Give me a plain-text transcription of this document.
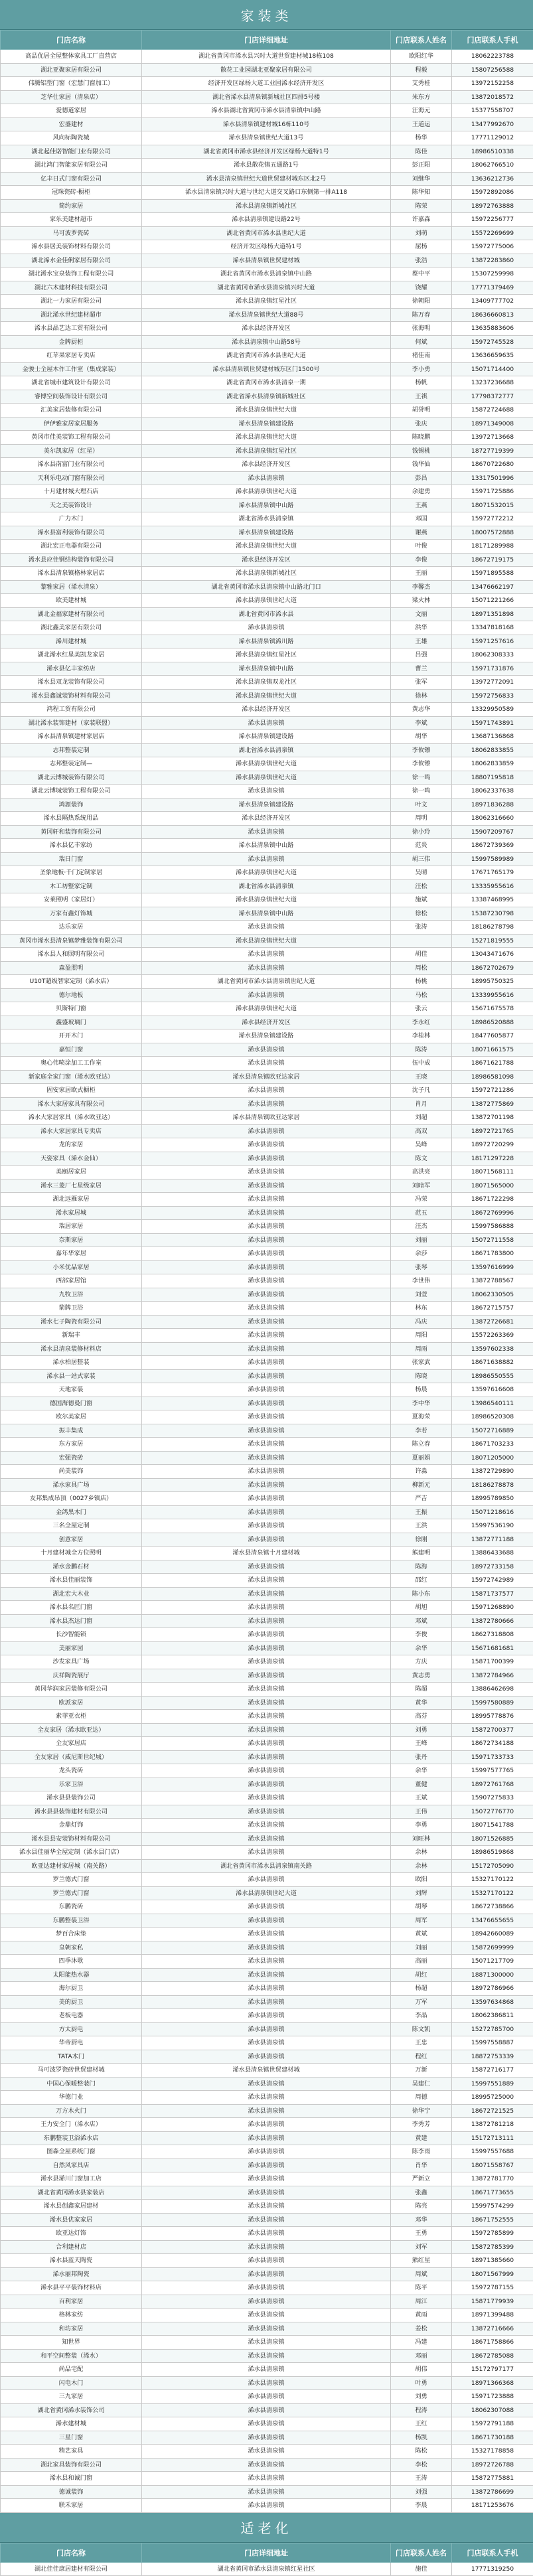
家装类
门店名称	门店详细地址	门店联系人姓名	门店联系人手机
高品优居全屋整体家具工厂直营店	湖北省黄冈市浠水县兴时大道世贸建材城18栋108	欧阳红华	18062223788
湖北亚聚家居有限公司	散花工业园湖北亚聚家居有限公司	程毅	15807256588
伟腾铝塑门窗（宏慧门窗加工）	经济开发区绿杨大道工业园浠水经济开发区	艾秀桂	13972152258
芝华仕家居（清泉店）	湖北省浠水县清泉镇新城社区四排5号楼	朱东方	13872018572
爱德道家居	浠水县湖北省黄冈市浠水县清泉镇中山路	汪海元	15377558707
宏盛建材	浠水县清泉镇建材城16栋110号	王道运	13477992670
风向标陶瓷城	浠水县清泉镇世纪大道13号	杨华	17771129012
湖北起佳诺智能门业有限公司	湖北省黄冈市浠水县经济开发区绿杨大道特1号	陈佳	18986510338
湖北鸿门智能家居有限公司	浠水县散花镇五通路1号	彭正阳	18062766510
亿丰日式门窗有限公司	浠水县清泉镇世纪大道世贸建材城东区北2号	刘继华	13636212736
冠珠瓷砖·橱柜	浠水县清泉镇兴时大道与世纪大道交叉路口东侧第一排A118	陈华知	15972892086
简约家居	浠水县清泉镇新城社区	陈荣	18972763888
家乐美建材超市	浠水县清泉镇建设路22号	许嘉森	15972256777
马可波罗瓷砖	湖北省黄冈市浠水县世纪大道	刘萌	15572269699
浠水县居美装饰材料有限公司	经济开发区绿杨大道特1号	屈杨	15972775006
湖北浠水金佳俐家居有限公司	浠水县清泉镇世贸建材城	张浩	13872283860
湖北浠水宝泉装饰工程有限公司	湖北省黄冈市浠水县清泉镇中山路	蔡中平	15307259998
湖北六木建材科技有限公司	湖北省黄冈市浠水县清泉镇兴时大道	饶耀	17771379469
湖北一力家居有限公司	浠水县清泉镇红星社区	徐朝阳	13409777702
湖北浠水世纪建材超市	浠水县清泉镇世纪大道88号	陈万春	18636660813
浠水县晶艺达工贸有限公司	浠水县经济开发区	张海明	13635883606
金牌厨柜	浠水县清泉镇中山路58号	何斌	15972745528
红苹果家居专卖店	湖北省黄冈市浠水县世纪大道	褚佳南	13636659635
金骏士全屋木作工作室（集成家装）	浠水县清泉镇世贸建材城东区门1500号	李小勇	15071714400
湖北省城市建筑设计有限公司	湖北省黄冈市浠水县清泉一期	杨帆	13237236688
睿博空间装饰设计有限公司	湖北省浠水县清泉镇新城社区	王祺	17798372777
汇美家居装修有限公司	浠水县清泉镇世纪大道	胡誉明	15872724688
伊伊雅家居家居服务	浠水县清泉镇建设路	张庆	18971349008
黄冈市佳美装饰工程有限公司	浠水县清泉镇世纪大道	陈晓鹏	13972713668
美尔凯家居（红星）	浠水县清泉镇红星社区	钱锡桃	18727719399
浠水县南富门业有限公司	浠水县经济开发区	钱华仙	18670722680
天利乐电动门窗有限公司	浠水县清泉镇	彭昌	13317501996
十月建材城大理石店	浠水县清泉镇世纪大道	余建勇	15971725886
天之美装饰设计	浠水县清泉镇中山路	王燕	18071532015
广力木门	湖北省浠水县清泉镇	邓国	15972772212
浠水县富利装饰有限公司	浠水县清泉镇建设路	谢燕	18007572888
湖北宏正电器有限公司	浠水县清泉镇世纪大道	叶俊	18171289988
浠水县应佳钢结构装饰有限公司	浠水县经济开发区	李俊	18672719175
浠水县清泉镇格林家居店	浠水县清泉镇新城社区	王丽	15971895588
黎雅家居（浠水清泉）	湖北省黄冈市浠水县清泉镇中山路北门口	李馨杰	13476662197
欧美建材城	浠水县清泉镇世纪大道	梁火林	15071221266
湖北金福家建材有限公司	湖北省黄冈市浠水县	文丽	18971351898
湖北鑫美家居有限公司	浠水县清泉镇	洪华	13347818168
浠川建材城	浠水县清泉镇浠川路	王雄	15971257616
湖北浠水红星美凯龙家居	浠水县清泉镇红星社区	吕强	18062308333
浠水县亿丰家纺店	浠水县清泉镇中山路	曹兰	15971731876
浠水县双龙装饰有限公司	浠水县清泉镇双龙社区	张军	13972772091
浠水县鑫诚装饰材料有限公司	浠水县清泉镇世纪大道	徐林	15972756833
鸿程工贸有限公司	浠水县经济开发区	黄志华	13329950589
湖北浠水装饰建材（家装联盟）	浠水县清泉镇	李斌	15971743891
浠水县清泉镇建材家居店	浠水县清泉镇建设路	胡华	13687136868
志邦整装定制	湖北省浠水县清泉镇	李攸镲	18062833855
志邦整装定制—	浠水县清泉镇世纪大道	李攸镲	18062833859
湖北云博城装饰有限公司	浠水县清泉镇世纪大道	徐一鸣	18807195818
湖北云博城装饰工程有限公司	浠水县清泉镇	徐一鸣	18062337638
鸿源装饰	浠水县清泉镇建设路	叶文	18971836288
浠水县隔热系统用品	浠水县经济开发区	周明	18062316660
黄冈轩和装饰有限公司	浠水县清泉镇	徐小玲	15907209767
浠水县亿丰家纺	浠水县清泉镇中山路	范炎	18672739369
瑞日门窗	浠水县清泉镇	胡三伟	15997589989
圣象地板·千门定制家居	浠水县清泉镇世纪大道	吴晴	17671765179
木工坊整家定制	湖北省浠水县清泉镇	汪松	13335955616
安莱照明（家居灯）	浠水县清泉镇世纪大道	施斌	13387468995
万家有鑫灯饰城	浠水县清泉镇中山路	徐松	15387230798
达乐家居	浠水县清泉镇	张涛	18186278798
黄冈市浠水县清泉镇梦雅装饰有限公司	浠水县清泉镇世纪大道		15271819555
浠水县人和照明有限公司	浠水县清泉镇	胡佳	13043471676
森盈照明	浠水县清泉镇	周松	18672702679
U10T超级智家定制（浠水店）	湖北省黄冈市浠水县清泉镇世纪大道	杨桃	18995750325
德尔地板	浠水县清泉镇	马松	13339955616
贝斯特门窗	浠水县清泉镇世纪大道	张云	15671675578
鑫盛玻璃门	浠水县经济开发区	李永红	18986520888
开开木门	浠水县清泉镇建设路	李桂林	18477605877
嘉恒门窗	浠水县清泉镇	陈涛	18071661575
奥心伟喷涂加工工作室	浠水县清泉镇	伍中成	18671621788
新家庭全家门窗（浠水欧亚达）	浠水县清泉镇欧亚达家居	王晓	18986581098
固安家居欧式橱柜	浠水县清泉镇	沈子凡	15972721286
浠水大家居家具有限公司	浠水县清泉镇	肖月	13872775869
浠水大家居家具（浠水欧亚达）	浠水县清泉镇欧亚达家居	刘超	13872701198
浠水大家居家具专卖店	浠水县清泉镇	高双	18972721765
龙的家居	浠水县清泉镇	吴峰	18972720299
天姿家具（浠水金仙）	浠水县清泉镇	陈文	18171297228
美颐居家居	浠水县清泉镇	高洪亮	18071568111
浠水三菱厂七星级家居	浠水县清泉镇	刘暗军	18071565000
湖北远雁家居	浠水县清泉镇	冯荣	18671722298
浠水家居城	浠水县清泉镇	范五	18672769996
瑞居家居	浠水县清泉镇	汪杰	15997586888
奈斯家居	浠水县清泉镇	刘丽	15072711558
嘉年华家居	浠水县清泉镇	余莎	18671783800
小米优品家居	浠水县清泉镇	张琴	13597616999
西部家居馆	浠水县清泉镇	李世伟	13872788567
九牧卫浴	浠水县清泉镇	刘萱	18062330505
箭牌卫浴	浠水县清泉镇	林东	18672715757
浠水七子陶瓷有限公司	浠水县清泉镇	冯庆	13872726681
新瑞丰	浠水县清泉镇	周阳	15572263369
浠水县清泉装修材料店	浠水县清泉镇	周雨	13597602338
浠水柏居整装	浠水县清泉镇	张家武	18671638882
浠水县一站式家装	浠水县清泉镇	陈晓	18986550555
天地家装	浠水县清泉镇	杨晨	13597616608
德国海德曼门窗	浠水县清泉镇	李中华	13986540111
欧尔美家居	浠水县清泉镇	夏海荣	18986520308
振丰集成	浠水县清泉镇	李若	15072716889
东方家居	浠水县清泉镇	陈立春	18671703233
宏强瓷砖	浠水县清泉镇	夏丽娟	18071205000
尚美装饰	浠水县清泉镇	许淼	13872729890
浠水家具广场	浠水县清泉镇	柳新元	18186278878
友邦集成吊顶（0027乡镇店）	浠水县清泉镇	严吉	18995789850
金鸽黑木门	浠水县清泉镇	王振	15071218616
三名全屋定制	浠水县清泉镇	王洪	15997536190
创意家居	浠水县清泉镇	徐刚	13872771188
十月建材城全方位照明	浠水县清泉镇十月建材城	熊建明	13886433688
浠水金鹏石材	浠水县清泉镇	陈海	18972733158
浠水县佳丽装饰	浠水县清泉镇	邵红	15972742989
湖北宏大木业	浠水县清泉镇	陈小东	15871737577
浠水县名匠门窗	浠水县清泉镇	胡旭	15971268890
浠水县杰达门窗	浠水县清泉镇	邓斌	13872780666
长沙智能锁	浠水县清泉镇	李俊	18627318808
美丽家园	浠水县清泉镇	余华	15671681681
沙发家具广场	浠水县清泉镇	方庆	15871700399
庆祥陶瓷展厅	浠水县清泉镇	黄志勇	13872784966
黄冈华润家居装修有限公司	浠水县清泉镇	陈超	13886462698
欧派家居	浠水县清泉镇	黄华	15997580889
索菲亚衣柜	浠水县清泉镇	高芬	18995778876
全友家居（浠水欧亚达）	浠水县清泉镇	刘勇	15872700377
全友家居店	浠水县清泉镇	王峰	18672734188
全友家居（威尼斯世纪城）	浠水县清泉镇	张丹	15971733733
龙头瓷砖	浠水县清泉镇	余华	15997577765
乐家卫浴	浠水县清泉镇	董健	18972761768
浠水县县装饰公司	浠水县清泉镇	王斌	15907275833
浠水县县装饰建材有限公司	浠水县清泉镇	王伟	15072776770
金鼎灯饰	浠水县清泉镇	李勇	18071541788
浠水县县安装饰材料有限公司	浠水县清泉镇	刘旺林	18071526885
浠水县佳丽华全屋定制（浠水县门店）	浠水县清泉镇	余林	18986519868
欧亚达建材家居城（南关路）	湖北省黄冈市浠水县清泉镇南关路	余林	15172705090
罗兰德式门窗	浠水县清泉镇	欧阳	15327170122
罗兰德式门窗	浠水县清泉镇世纪大道	刘辉	15327170122
东鹏瓷砖	浠水县清泉镇	胡琴	18672738866
东鹏整装卫浴	浠水县清泉镇	周军	13476655655
梦百合床垫	浠水县清泉镇	黄斌	18942660089
皇朝家私	浠水县清泉镇	刘丽	15872699999
四季沐歌	浠水县清泉镇	高丽	15071217709
太阳能热水器	浠水县清泉镇	胡红	18871300000
海尔厨卫	浠水县清泉镇	杨超	18972786966
美的厨卫	浠水县清泉镇	万军	13597634868
老板电器	浠水县清泉镇	李晶	18062386811
方太厨电	浠水县清泉镇	陈文凯	15272785700
华帝厨电	浠水县清泉镇	王忠	15997558887
TATA木门	浠水县清泉镇	程红	18872753339
马可波罗瓷砖世贸建材城	浠水县清泉镇世贸建材城	万新	15872716177
中国心保暖整装门	浠水县清泉镇	吴建仁	15997551889
华德门业	浠水县清泉镇	周德	18995725000
万方木火门	浠水县清泉镇	徐华宁	18672721525
王力安全门（浠水店）	浠水县清泉镇	李秀芳	13872781218
东鹏整装卫浴浠水店	浠水县清泉镇	黄建	15172713111
图森全屋系统门窗	浠水县清泉镇	陈李雨	15997557688
自然风家具店	浠水县清泉镇	肖华	18071558767
浠水县浠川门窗加工店	浠水县清泉镇	严新立	13872781770
湖北省黄冈浠水县家装店	浠水县清泉镇	张鑫	18671773655
浠水县创鑫家居建材	浠水县清泉镇	陈亮	15997574299
浠水县优家家居	浠水县清泉镇	邓华	18671752555
欧亚达灯饰	浠水县清泉镇	王勇	15972785899
合利建材店	浠水县清泉镇	刘军	15872785399
浠水县蓝天陶瓷	浠水县清泉镇	熊红星	18971385660
浠水丽邦陶瓷	浠水县清泉镇	周斌	18071567999
浠水县平平装饰材料店	浠水县清泉镇	陈平	15972787155
百利家居	浠水县清泉镇	周江	15871779939
格林家纺	浠水县清泉镇	黄雨	18971399488
和坊家居	浠水县清泉镇	姜松	13872716666
知世界	浠水县清泉镇	冯建	18671758866
和平空间整装（浠水）	浠水县清泉镇	邓丽	18672785088
尚品宅配	浠水县清泉镇	胡伟	15172797177
闪电木门	浠水县清泉镇	叶勇	18971366368
三九家居	浠水县清泉镇	刘勇	15971723888
湖北省黄冈浠水装饰公司	浠水县清泉镇	程涛	18062307088
浠水建材城	浠水县清泉镇	王红	15972791188
三星门窗	浠水县清泉镇	杨凯	18671730188
精艺家具	浠水县清泉镇	陈松	15327178858
湖北家具装饰有限公司	浠水县清泉镇	李松	18972726788
浠水县和诚门窗	浠水县清泉镇	王涛	15872775881
德诚装饰	浠水县清泉镇	刘强	13872786699
联禾家居	浠水县清泉镇	李晨	18171253676
适老化
门店名称	门店详细地址	门店联系人姓名	门店联系人手机
湖北佳佳康居建材有限公司	湖北省黄冈市浠水县清泉镇红星社区	施佳	17771319250
